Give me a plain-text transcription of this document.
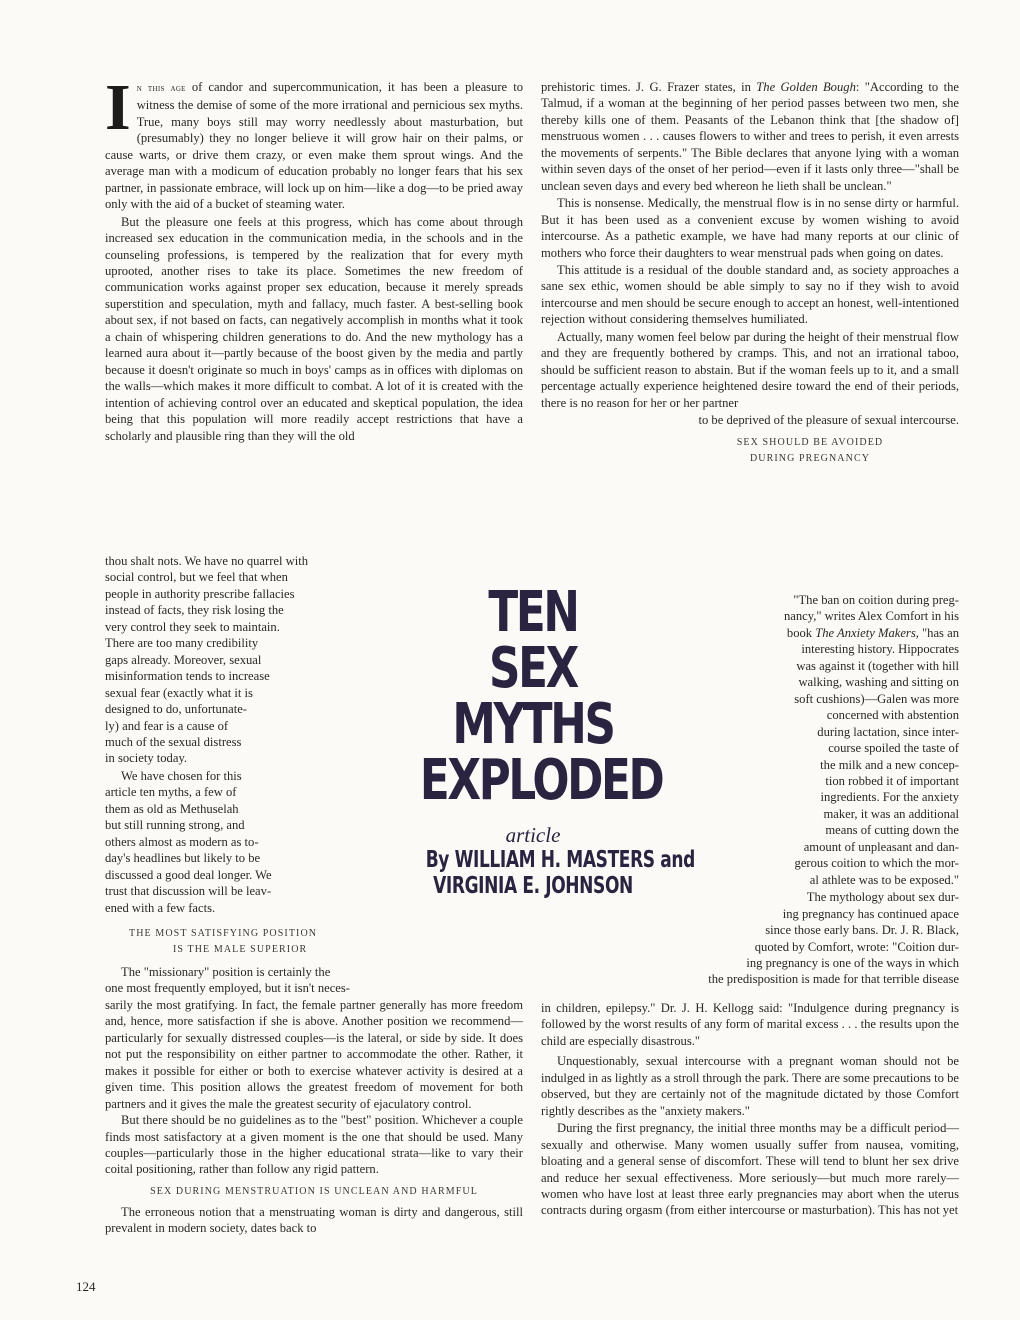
In this age of candor and supercommunication, it has been a pleasure to witness the demise of some of the more irrational and pernicious sex myths. True, many boys still may worry needlessly about masturbation, but (presumably) they no longer believe it will grow hair on their palms, or cause warts, or drive them crazy, or even make them sprout wings. And the average man with a modicum of education probably no longer fears that his sex partner, in passionate embrace, will lock up on him—like a dog—to be pried away only with the aid of a bucket of steaming water.

But the pleasure one feels at this progress, which has come about through increased sex education in the communication media, in the schools and in the counseling professions, is tempered by the realization that for every myth uprooted, another rises to take its place. Sometimes the new freedom of communication works against proper sex education, because it merely spreads superstition and speculation, myth and fallacy, much faster. A best-selling book about sex, if not based on facts, can negatively accomplish in months what it took a chain of whispering children generations to do. And the new mythology has a learned aura about it—partly because of the boost given by the media and partly because it doesn't originate so much in boys' camps as in offices with diplomas on the walls—which makes it more difficult to combat. A lot of it is created with the intention of achieving control over an educated and skeptical population, the idea being that this population will more readily accept restrictions that have a scholarly and plausible ring than they will the old

thou shalt nots. We have no quarrel with
social control, but we feel that when
people in authority prescribe fallacies
instead of facts, they risk losing the
very control they seek to maintain.
There are too many credibility
gaps already. Moreover, sexual
misinformation tends to increase
sexual fear (exactly what it is
designed to do, unfortunate-
ly) and fear is a cause of
much of the sexual distress
in society today.
We have chosen for this
article ten myths, a few of
them as old as Methuselah
but still running strong, and
others almost as modern as to-
day's headlines but likely to be
discussed a good deal longer. We
trust that discussion will be leav-
ened with a few facts.
THE MOST SATISFYING POSITION
IS THE MALE SUPERIOR
The "missionary" position is certainly the
one most frequently employed, but it isn't neces-
sarily the most gratifying. In fact, the female partner generally has more freedom and, hence, more satisfaction if she is above. Another position we recommend—particularly for sexually distressed couples—is the lateral, or side by side. It does not put the responsibility on either partner to accommodate the other. Rather, it makes it possible for either or both to exercise whatever activity is desired at a given time. This position allows the greatest freedom of movement for both partners and it gives the male the greatest security of ejaculatory control.

But there should be no guidelines as to the "best" position. Whichever a couple finds most satisfactory at a given moment is the one that should be used. Many couples—particularly those in the higher educational strata—like to vary their coital positioning, rather than follow any rigid pattern.

SEX DURING MENSTRUATION IS UNCLEAN AND HARMFUL

The erroneous notion that a menstruating woman is dirty and dangerous, still prevalent in modern society, dates back to

TEN
SEX
MYTHS
EXPLODED
article
By WILLIAM H. MASTERS and
VIRGINIA E. JOHNSON

prehistoric times. J. G. Frazer states, in The Golden Bough: "According to the Talmud, if a woman at the beginning of her period passes between two men, she thereby kills one of them. Peasants of the Lebanon think that [the shadow of] menstruous women . . . causes flowers to wither and trees to perish, it even arrests the movements of serpents." The Bible declares that anyone lying with a woman within seven days of the onset of her period—even if it lasts only three—"shall be unclean seven days and every bed whereon he lieth shall be unclean."

This is nonsense. Medically, the menstrual flow is in no sense dirty or harmful. But it has been used as a convenient excuse by women wishing to avoid intercourse. As a pathetic example, we have had many reports at our clinic of mothers who force their daughters to wear menstrual pads when going on dates.

This attitude is a residual of the double standard and, as society approaches a sane sex ethic, women should be able simply to say no if they wish to avoid intercourse and men should be secure enough to accept an honest, well-intentioned rejection without considering themselves humiliated.

Actually, many women feel below par during the height of their menstrual flow and they are frequently bothered by cramps. This, and not an irrational taboo, should be sufficient reason to abstain. But if the woman feels up to it, and a small percentage actually experience heightened desire toward the end of their periods, there is no reason for her or her partner

to be deprived of the pleasure of sexual intercourse.

SEX SHOULD BE AVOIDED
DURING PREGNANCY
"The ban on coition during preg-
nancy," writes Alex Comfort in his
book The Anxiety Makers, "has an
interesting history. Hippocrates
was against it (together with hill
walking, washing and sitting on
soft cushions)—Galen was more
concerned with abstention
during lactation, since inter-
course spoiled the taste of
the milk and a new concep-
tion robbed it of important
ingredients. For the anxiety
maker, it was an additional
means of cutting down the
amount of unpleasant and dan-
gerous coition to which the mor-
al athlete was to be exposed."
The mythology about sex dur-
ing pregnancy has continued apace
since those early bans. Dr. J. R. Black,
quoted by Comfort, wrote: "Coition dur-
ing pregnancy is one of the ways in which
the predisposition is made for that terrible disease

in children, epilepsy." Dr. J. H. Kellogg said: "Indulgence during pregnancy is followed by the worst results of any form of marital excess . . . the results upon the child are especially disastrous."

Unquestionably, sexual intercourse with a pregnant woman should not be indulged in as lightly as a stroll through the park. There are some precautions to be observed, but they are certainly not of the magnitude dictated by those Comfort rightly describes as the "anxiety makers."

During the first pregnancy, the initial three months may be a difficult period—sexually and otherwise. Many women usually suffer from nausea, vomiting, bloating and a general sense of discomfort. These will tend to blunt her sex drive and reduce her sexual effectiveness. More seriously—but much more rarely—women who have lost at least three early pregnancies may abort when the uterus contracts during orgasm (from either intercourse or masturbation). This has not yet

124
